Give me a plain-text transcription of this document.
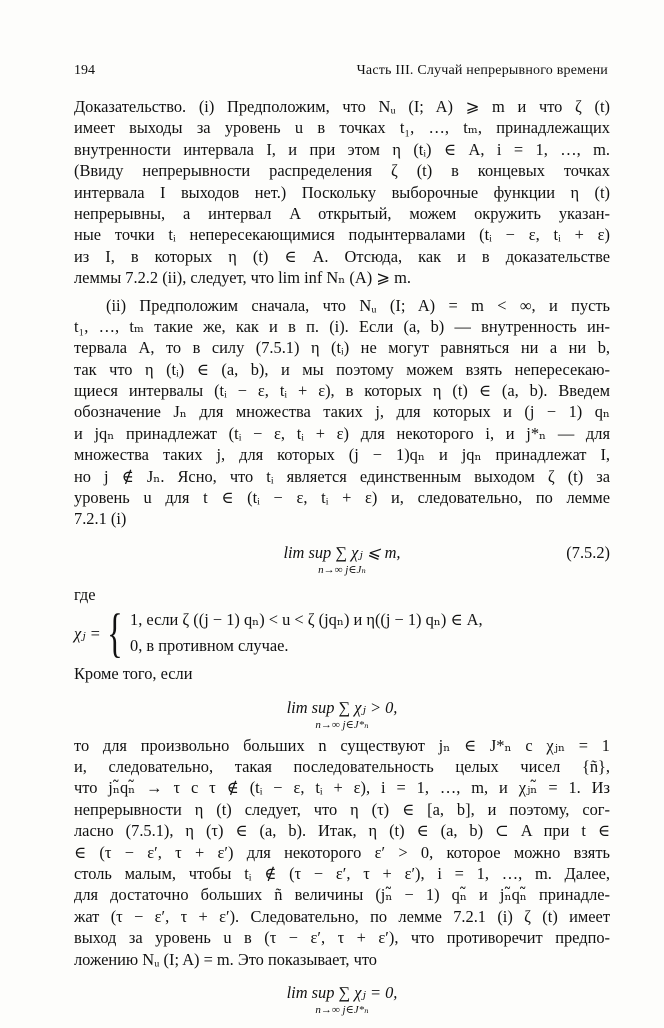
194	Часть III. Случай непрерывного времени
Доказательство. (i) Предположим, что Nᵤ (I; A) ⩾ m и что ζ (t)
имеет выходы за уровень u в точках t₁, …, tₘ, принадлежащих
внутренности интервала I, и при этом η (tᵢ) ∈ A, i = 1, …, m.
(Ввиду непрерывности распределения ζ (t) в концевых точках
интервала I выходов нет.) Поскольку выборочные функции η (t)
непрерывны, а интервал A открытый, можем окружить указан-
ные точки tᵢ непересекающимися подынтервалами (tᵢ − ε, tᵢ + ε)
из I, в которых η (t) ∈ A. Отсюда, как и в доказательстве
леммы 7.2.2 (ii), следует, что lim inf Nₙ (A) ⩾ m.
(ii) Предположим сначала, что Nᵤ (I; A) = m < ∞, и пусть
t₁, …, tₘ такие же, как и в п. (i). Если (a, b) — внутренность ин-
тервала A, то в силу (7.5.1) η (tᵢ) не могут равняться ни a ни b,
так что η (tᵢ) ∈ (a, b), и мы поэтому можем взять непересекаю-
щиеся интервалы (tᵢ − ε, tᵢ + ε), в которых η (t) ∈ (a, b). Введем
обозначение Jₙ для множества таких j, для которых и (j − 1) qₙ
и jqₙ принадлежат (tᵢ − ε, tᵢ + ε) для некоторого i, и j*ₙ — для
множества таких j, для которых (j − 1)qₙ и jqₙ принадлежат I,
но j ∉ Jₙ. Ясно, что tᵢ является единственным выходом ζ (t) за
уровень u для t ∈ (tᵢ − ε, tᵢ + ε) и, следовательно, по лемме
7.2.1 (i)
lim sup ∑ χⱼ ⩽ m,
$^{n\to\infty j\in J_n}$
(7.5.2)
где
χⱼ = { 1, если ζ ((j − 1) qₙ) < u < ζ (jqₙ) и η((j − 1) qₙ) ∈ A,
0, в противном случае.
Кроме того, если
lim sup ∑ χⱼ > 0,
$^{n\to\infty j\in J*_n}$
то для произвольно больших n существуют jₙ ∈ J*ₙ с χⱼₙ = 1
и, следовательно, такая последовательность целых чисел {ñ},
что jₙ̃qₙ̃ → τ с τ ∉ (tᵢ − ε, tᵢ + ε), i = 1, …, m, и χⱼₙ̃ = 1. Из
непрерывности η (t) следует, что η (τ) ∈ [a, b], и поэтому, сог-
ласно (7.5.1), η (τ) ∈ (a, b). Итак, η (t) ∈ (a, b) ⊂ A при t ∈
∈ (τ − ε′, τ + ε′) для некоторого ε′ > 0, которое можно взять
столь малым, чтобы tᵢ ∉ (τ − ε′, τ + ε′), i = 1, …, m. Далее,
для достаточно больших ñ величины (jₙ̃ − 1) qₙ̃ и jₙ̃qₙ̃ принадле-
жат (τ − ε′, τ + ε′). Следовательно, по лемме 7.2.1 (i) ζ (t) имеет
выход за уровень u в (τ − ε′, τ + ε′), что противоречит предпо-
ложению Nᵤ (I; A) = m. Это показывает, что
lim sup ∑ χⱼ = 0,
$^{n\to\infty j\in J*_n}$
